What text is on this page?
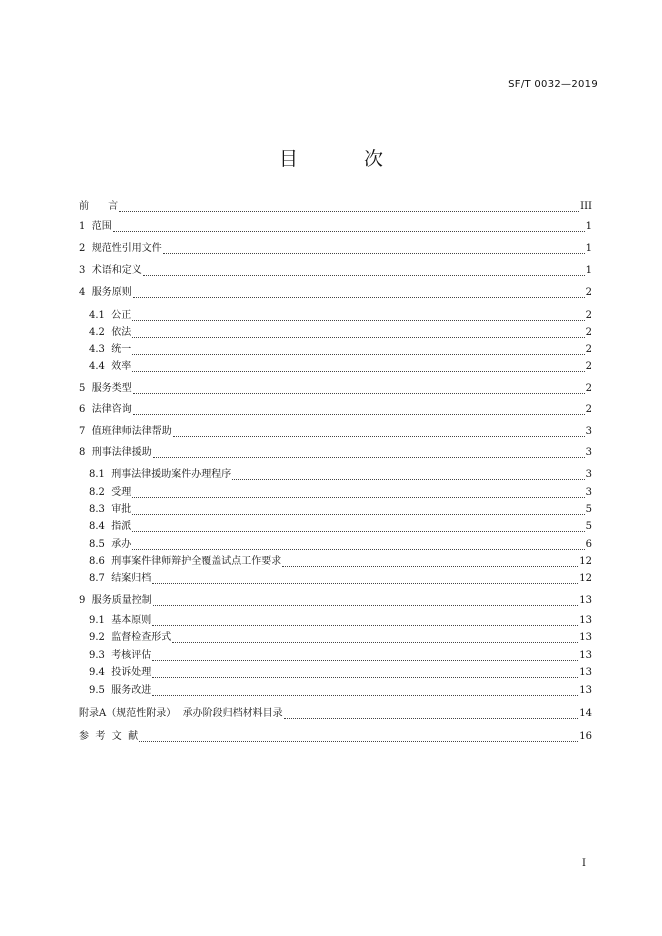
SF/T 0032—2019
目 次
前      言	III
1 范围	1
2 规范性引用文件	1
3 术语和定义	1
4 服务原则	2
4.1 公正	2
4.2 依法	2
4.3 统一	2
4.4 效率	2
5 服务类型	2
6 法律咨询	2
7 值班律师法律帮助	3
8 刑事法律援助	3
8.1 刑事法律援助案件办理程序	3
8.2 受理	3
8.3 审批	5
8.4 指派	5
8.5 承办	6
8.6 刑事案件律师辩护全覆盖试点工作要求	12
8.7 结案归档	12
9 服务质量控制	13
9.1 基本原则	13
9.2 监督检查形式	13
9.3 考核评估	13
9.4 投诉处理	13
9.5 服务改进	13
附录A（规范性附录）  承办阶段归档材料目录	14
参  考  文  献	16
I
